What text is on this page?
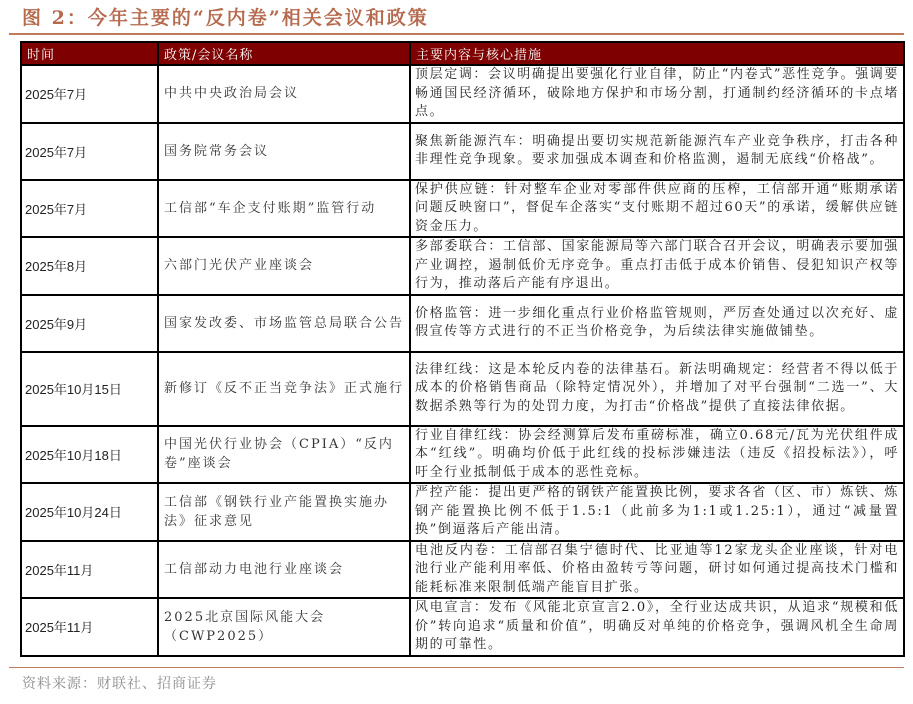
图 2：今年主要的“反内卷”相关会议和政策
时间	政策/会议名称	主要内容与核心措施
2025年7月	中共中央政治局会议	顶层定调：会议明确提出要强化行业自律，防止“内卷式”恶性竞争。强调要畅通国民经济循环，破除地方保护和市场分割，打通制约经济循环的卡点堵点。
2025年7月	国务院常务会议	聚焦新能源汽车：明确提出要切实规范新能源汽车产业竞争秩序，打击各种非理性竞争现象。要求加强成本调查和价格监测，遏制无底线“价格战”。
2025年7月	工信部“车企支付账期”监管行动	保护供应链：针对整车企业对零部件供应商的压榨，工信部开通“账期承诺问题反映窗口”，督促车企落实“支付账期不超过60天”的承诺，缓解供应链资金压力。
2025年8月	六部门光伏产业座谈会	多部委联合：工信部、国家能源局等六部门联合召开会议，明确表示要加强产业调控，遏制低价无序竞争。重点打击低于成本价销售、侵犯知识产权等行为，推动落后产能有序退出。
2025年9月	国家发改委、市场监管总局联合公告	价格监管：进一步细化重点行业价格监管规则，严厉查处通过以次充好、虚假宣传等方式进行的不正当价格竞争，为后续法律实施做铺垫。
2025年10月15日	新修订《反不正当竞争法》正式施行	法律红线：这是本轮反内卷的法律基石。新法明确规定：经营者不得以低于成本的价格销售商品（除特定情况外），并增加了对平台强制“二选一”、大数据杀熟等行为的处罚力度，为打击“价格战”提供了直接法律依据。
2025年10月18日	中国光伏行业协会（CPIA）“反内卷”座谈会	行业自律红线：协会经测算后发布重磅标准，确立0.68元/瓦为光伏组件成本“红线”。明确均价低于此红线的投标涉嫌违法（违反《招投标法》），呼吁全行业抵制低于成本的恶性竞标。
2025年10月24日	工信部《钢铁行业产能置换实施办法》征求意见	严控产能：提出更严格的钢铁产能置换比例，要求各省（区、市）炼铁、炼钢产能置换比例不低于1.5:1（此前多为1:1或1.25:1），通过“减量置换”倒逼落后产能出清。
2025年11月	工信部动力电池行业座谈会	电池反内卷：工信部召集宁德时代、比亚迪等12家龙头企业座谈，针对电池行业产能利用率低、价格由盈转亏等问题，研讨如何通过提高技术门槛和能耗标准来限制低端产能盲目扩张。
2025年11月	2025北京国际风能大会（CWP2025）	风电宣言：发布《风能北京宣言2.0》，全行业达成共识，从追求“规模和低价”转向追求“质量和价值”，明确反对单纯的价格竞争，强调风机全生命周期的可靠性。
资料来源：财联社、招商证券
